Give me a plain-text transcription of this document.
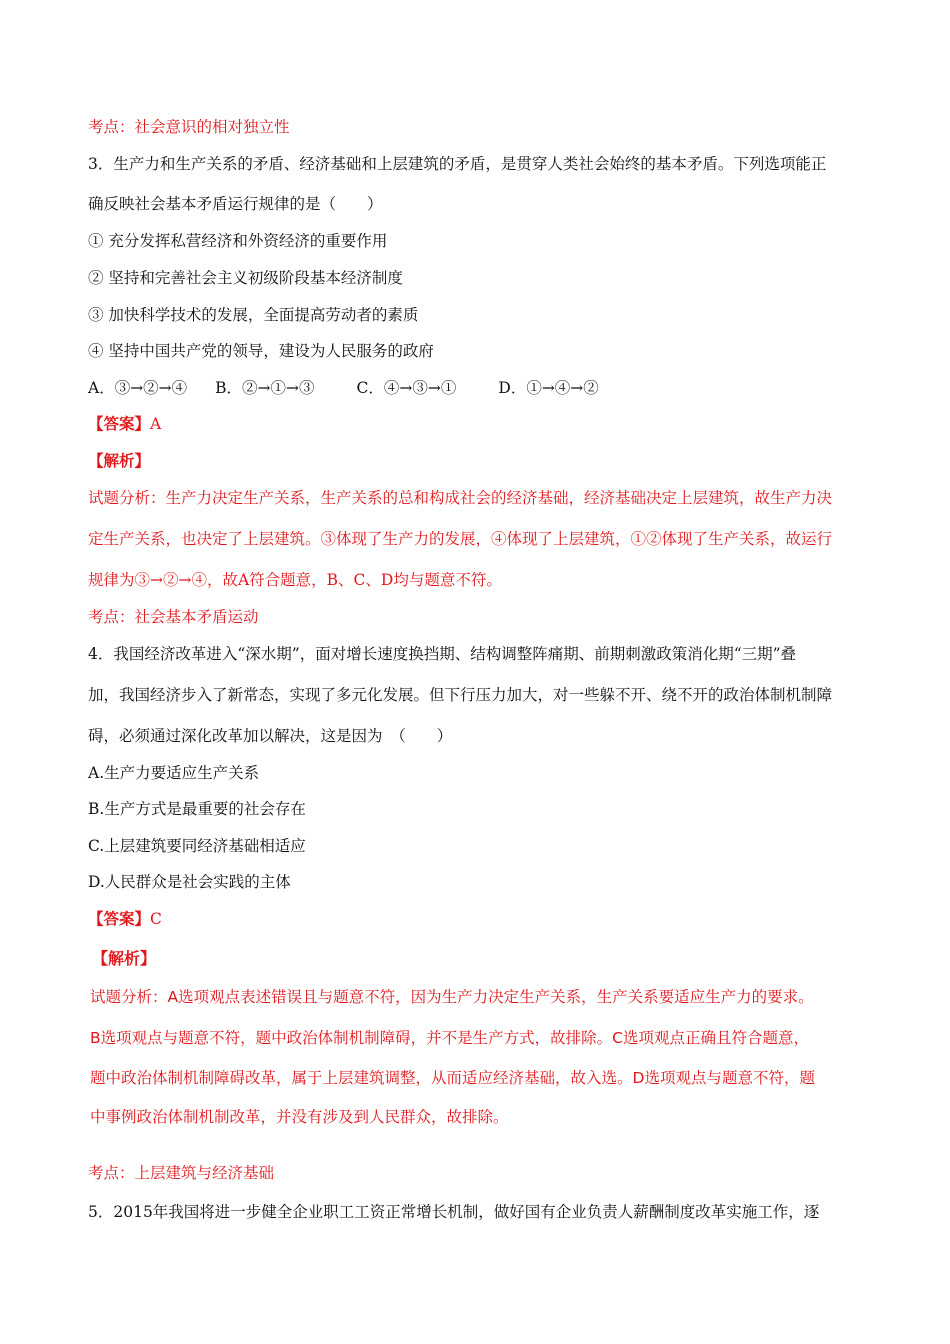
考点：社会意识的相对独立性
3．生产力和生产关系的矛盾、经济基础和上层建筑的矛盾，是贯穿人类社会始终的基本矛盾。下列选项能正
确反映社会基本矛盾运行规律的是（　　）
① 充分发挥私营经济和外资经济的重要作用
② 坚持和完善社会主义初级阶段基本经济制度
③ 加快科学技术的发展，全面提高劳动者的素质
④ 坚持中国共产党的领导，建设为人民服务的政府
A．③→②→④ B．②→①→③	C．④→③→①	D．①→④→②
【答案】A
【解析】
试题分析：生产力决定生产关系，生产关系的总和构成社会的经济基础，经济基础决定上层建筑，故生产力决
定生产关系，也决定了上层建筑。③体现了生产力的发展，④体现了上层建筑，①②体现了生产关系，故运行
规律为③→②→④，故A符合题意，B、C、D均与题意不符。
考点：社会基本矛盾运动
4．我国经济改革进入“深水期”，面对增长速度换挡期、结构调整阵痛期、前期刺激政策消化期“三期”叠
加，我国经济步入了新常态，实现了多元化发展。但下行压力加大，对一些躲不开、绕不开的政治体制机制障
碍，必须通过深化改革加以解决，这是因为　（　　）
A.生产力要适应生产关系
B.生产方式是最重要的社会存在
C.上层建筑要同经济基础相适应
D.人民群众是社会实践的主体
【答案】C
【解析】
试题分析：A选项观点表述错误且与题意不符，因为生产力决定生产关系，生产关系要适应生产力的要求。
B选项观点与题意不符，题中政治体制机制障碍，并不是生产方式，故排除。C选项观点正确且符合题意，
题中政治体制机制障碍改革，属于上层建筑调整，从而适应经济基础，故入选。D选项观点与题意不符，题
中事例政治体制机制改革，并没有涉及到人民群众，故排除。
考点：上层建筑与经济基础
5．2015年我国将进一步健全企业职工工资正常增长机制，做好国有企业负责人薪酬制度改革实施工作，逐
